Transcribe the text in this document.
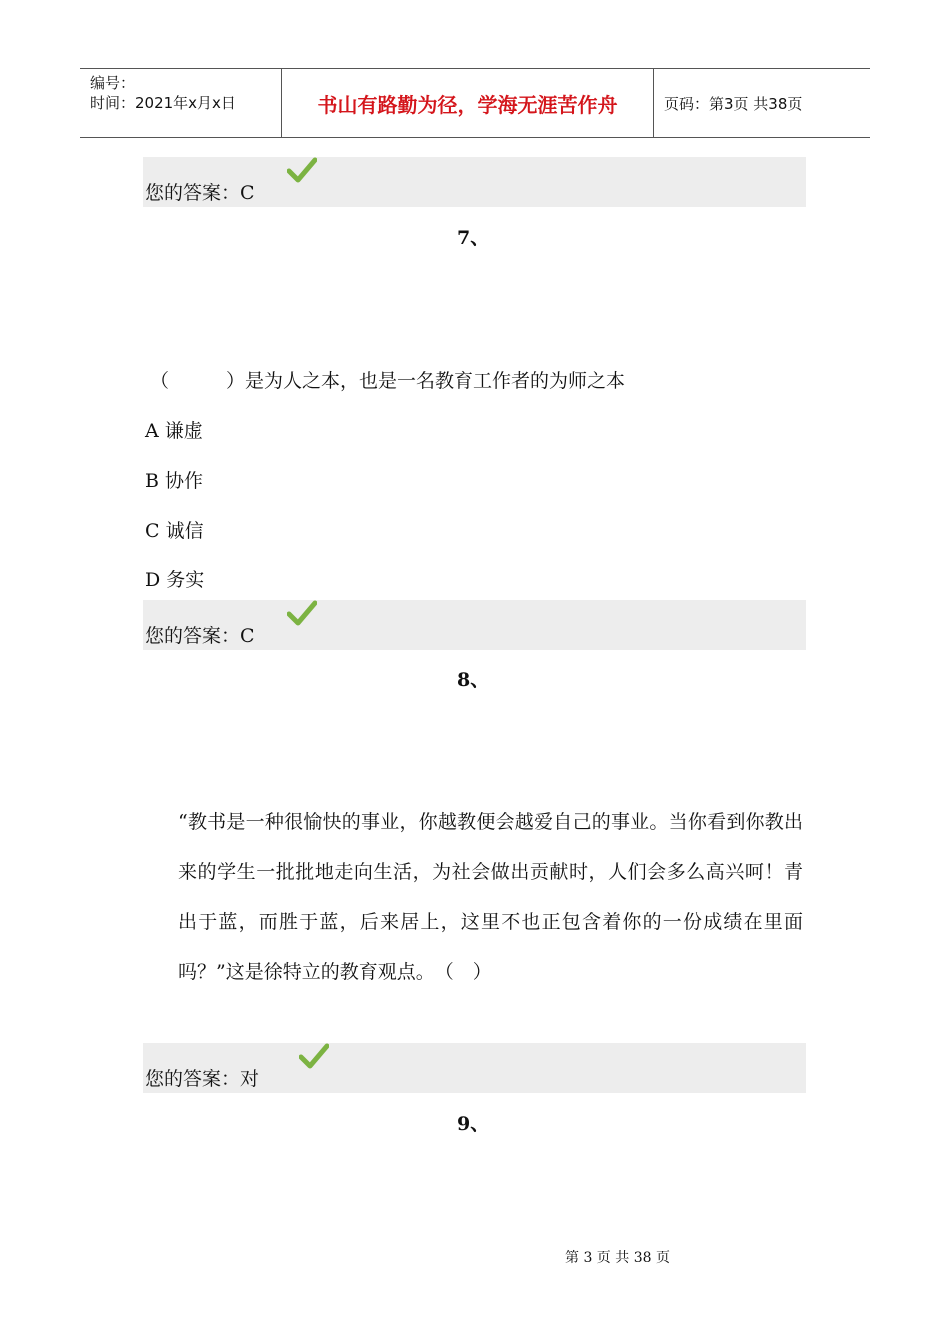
编号：
时间：2021年x月x日	书山有路勤为径，学海无涯苦作舟	页码：第3页 共38页
您的答案：C
7、
（　　　）是为人之本，也是一名教育工作者的为师之本
A 谦虚
B 协作
C 诚信
D 务实
您的答案：C
8、
“教书是一种很愉快的事业，你越教便会越爱自己的事业。当你看到你教出来的学生一批批地走向生活，为社会做出贡献时，人们会多么高兴呵！青出于蓝，而胜于蓝，后来居上，这里不也正包含着你的一份成绩在里面吗？”这是徐特立的教育观点。　（　）
您的答案：对
9、
第 3 页 共 38 页
